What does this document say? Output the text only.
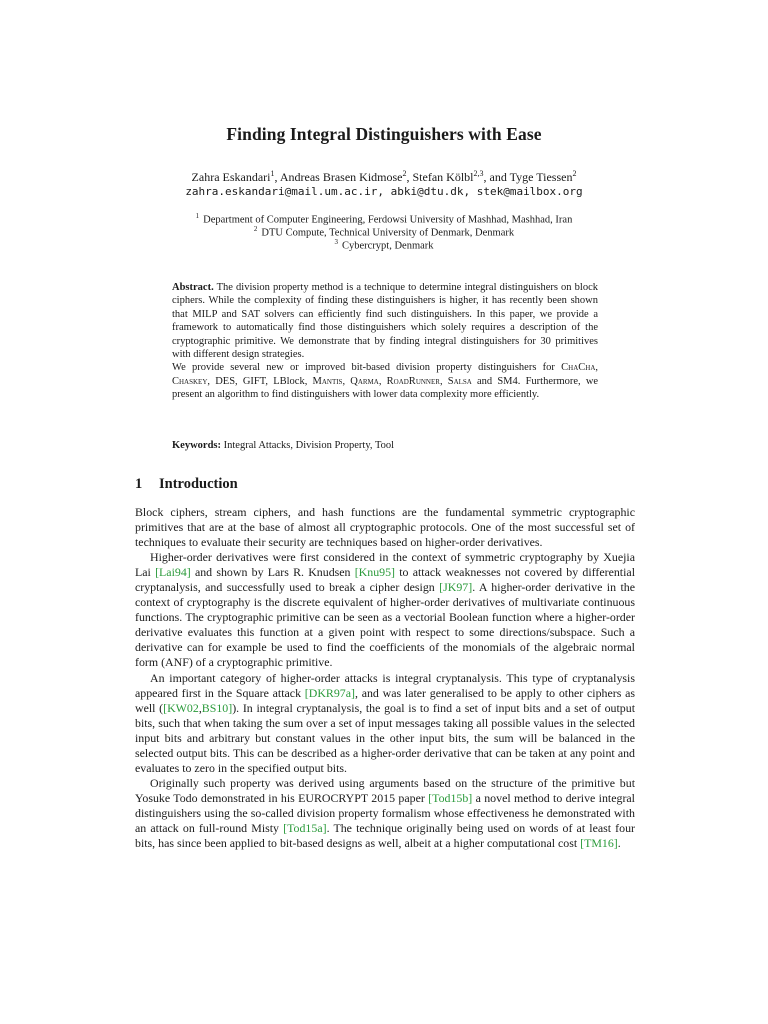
Finding Integral Distinguishers with Ease
Zahra Eskandari$^1$, Andreas Brasen Kidmose$^2$, Stefan Kölbl$^{2,3}$, and Tyge Tiessen$^2$
zahra.eskandari@mail.um.ac.ir, abki@dtu.dk, stek@mailbox.org
$^1$ Department of Computer Engineering, Ferdowsi University of Mashhad, Mashhad, Iran
$^2$ DTU Compute, Technical University of Denmark, Denmark
$^3$ Cybercrypt, Denmark

Abstract. The division property method is a technique to determine integral distinguishers on block ciphers. While the complexity of finding these distinguishers is higher, it has recently been shown that MILP and SAT solvers can efficiently find such distinguishers. In this paper, we provide a framework to automatically find those distinguishers which solely requires a description of the cryptographic primitive. We demonstrate that by finding integral distinguishers for 30 primitives with different design strategies.

We provide several new or improved bit-based division property distinguishers for ChaCha, Chaskey, DES, GIFT, LBlock, Mantis, Qarma, RoadRunner, Salsa and SM4. Furthermore, we present an algorithm to find distinguishers with lower data complexity more efficiently.

Keywords: Integral Attacks, Division Property, Tool
1 Introduction

Block ciphers, stream ciphers, and hash functions are the fundamental symmetric cryptographic primitives that are at the base of almost all cryptographic protocols. One of the most successful set of techniques to evaluate their security are techniques based on higher-order derivatives.

Higher-order derivatives were first considered in the context of symmetric cryptography by Xuejia Lai [Lai94] and shown by Lars R. Knudsen [Knu95] to attack weaknesses not covered by differential cryptanalysis, and successfully used to break a cipher design [JK97]. A higher-order derivative in the context of cryptography is the discrete equivalent of higher-order derivatives of multivariate continuous functions. The cryptographic primitive can be seen as a vectorial Boolean function where a higher-order derivative evaluates this function at a given point with respect to some directions/subspace. Such a derivative can for example be used to find the coefficients of the monomials of the algebraic normal form (ANF) of a cryptographic primitive.

An important category of higher-order attacks is integral cryptanalysis. This type of cryptanalysis appeared first in the Square attack [DKR97a], and was later generalised to be apply to other ciphers as well ([KW02,BS10]). In integral cryptanalysis, the goal is to find a set of input bits and a set of output bits, such that when taking the sum over a set of input messages taking all possible values in the selected input bits and arbitrary but constant values in the other input bits, the sum will be balanced in the selected output bits. This can be described as a higher-order derivative that can be taken at any point and evaluates to zero in the specified output bits.

Originally such property was derived using arguments based on the structure of the primitive but Yosuke Todo demonstrated in his EUROCRYPT 2015 paper [Tod15b] a novel method to derive integral distinguishers using the so-called division property formalism whose effectiveness he demonstrated with an attack on full-round Misty [Tod15a]. The technique originally being used on words of at least four bits, has since been applied to bit-based designs as well, albeit at a higher computational cost [TM16].
